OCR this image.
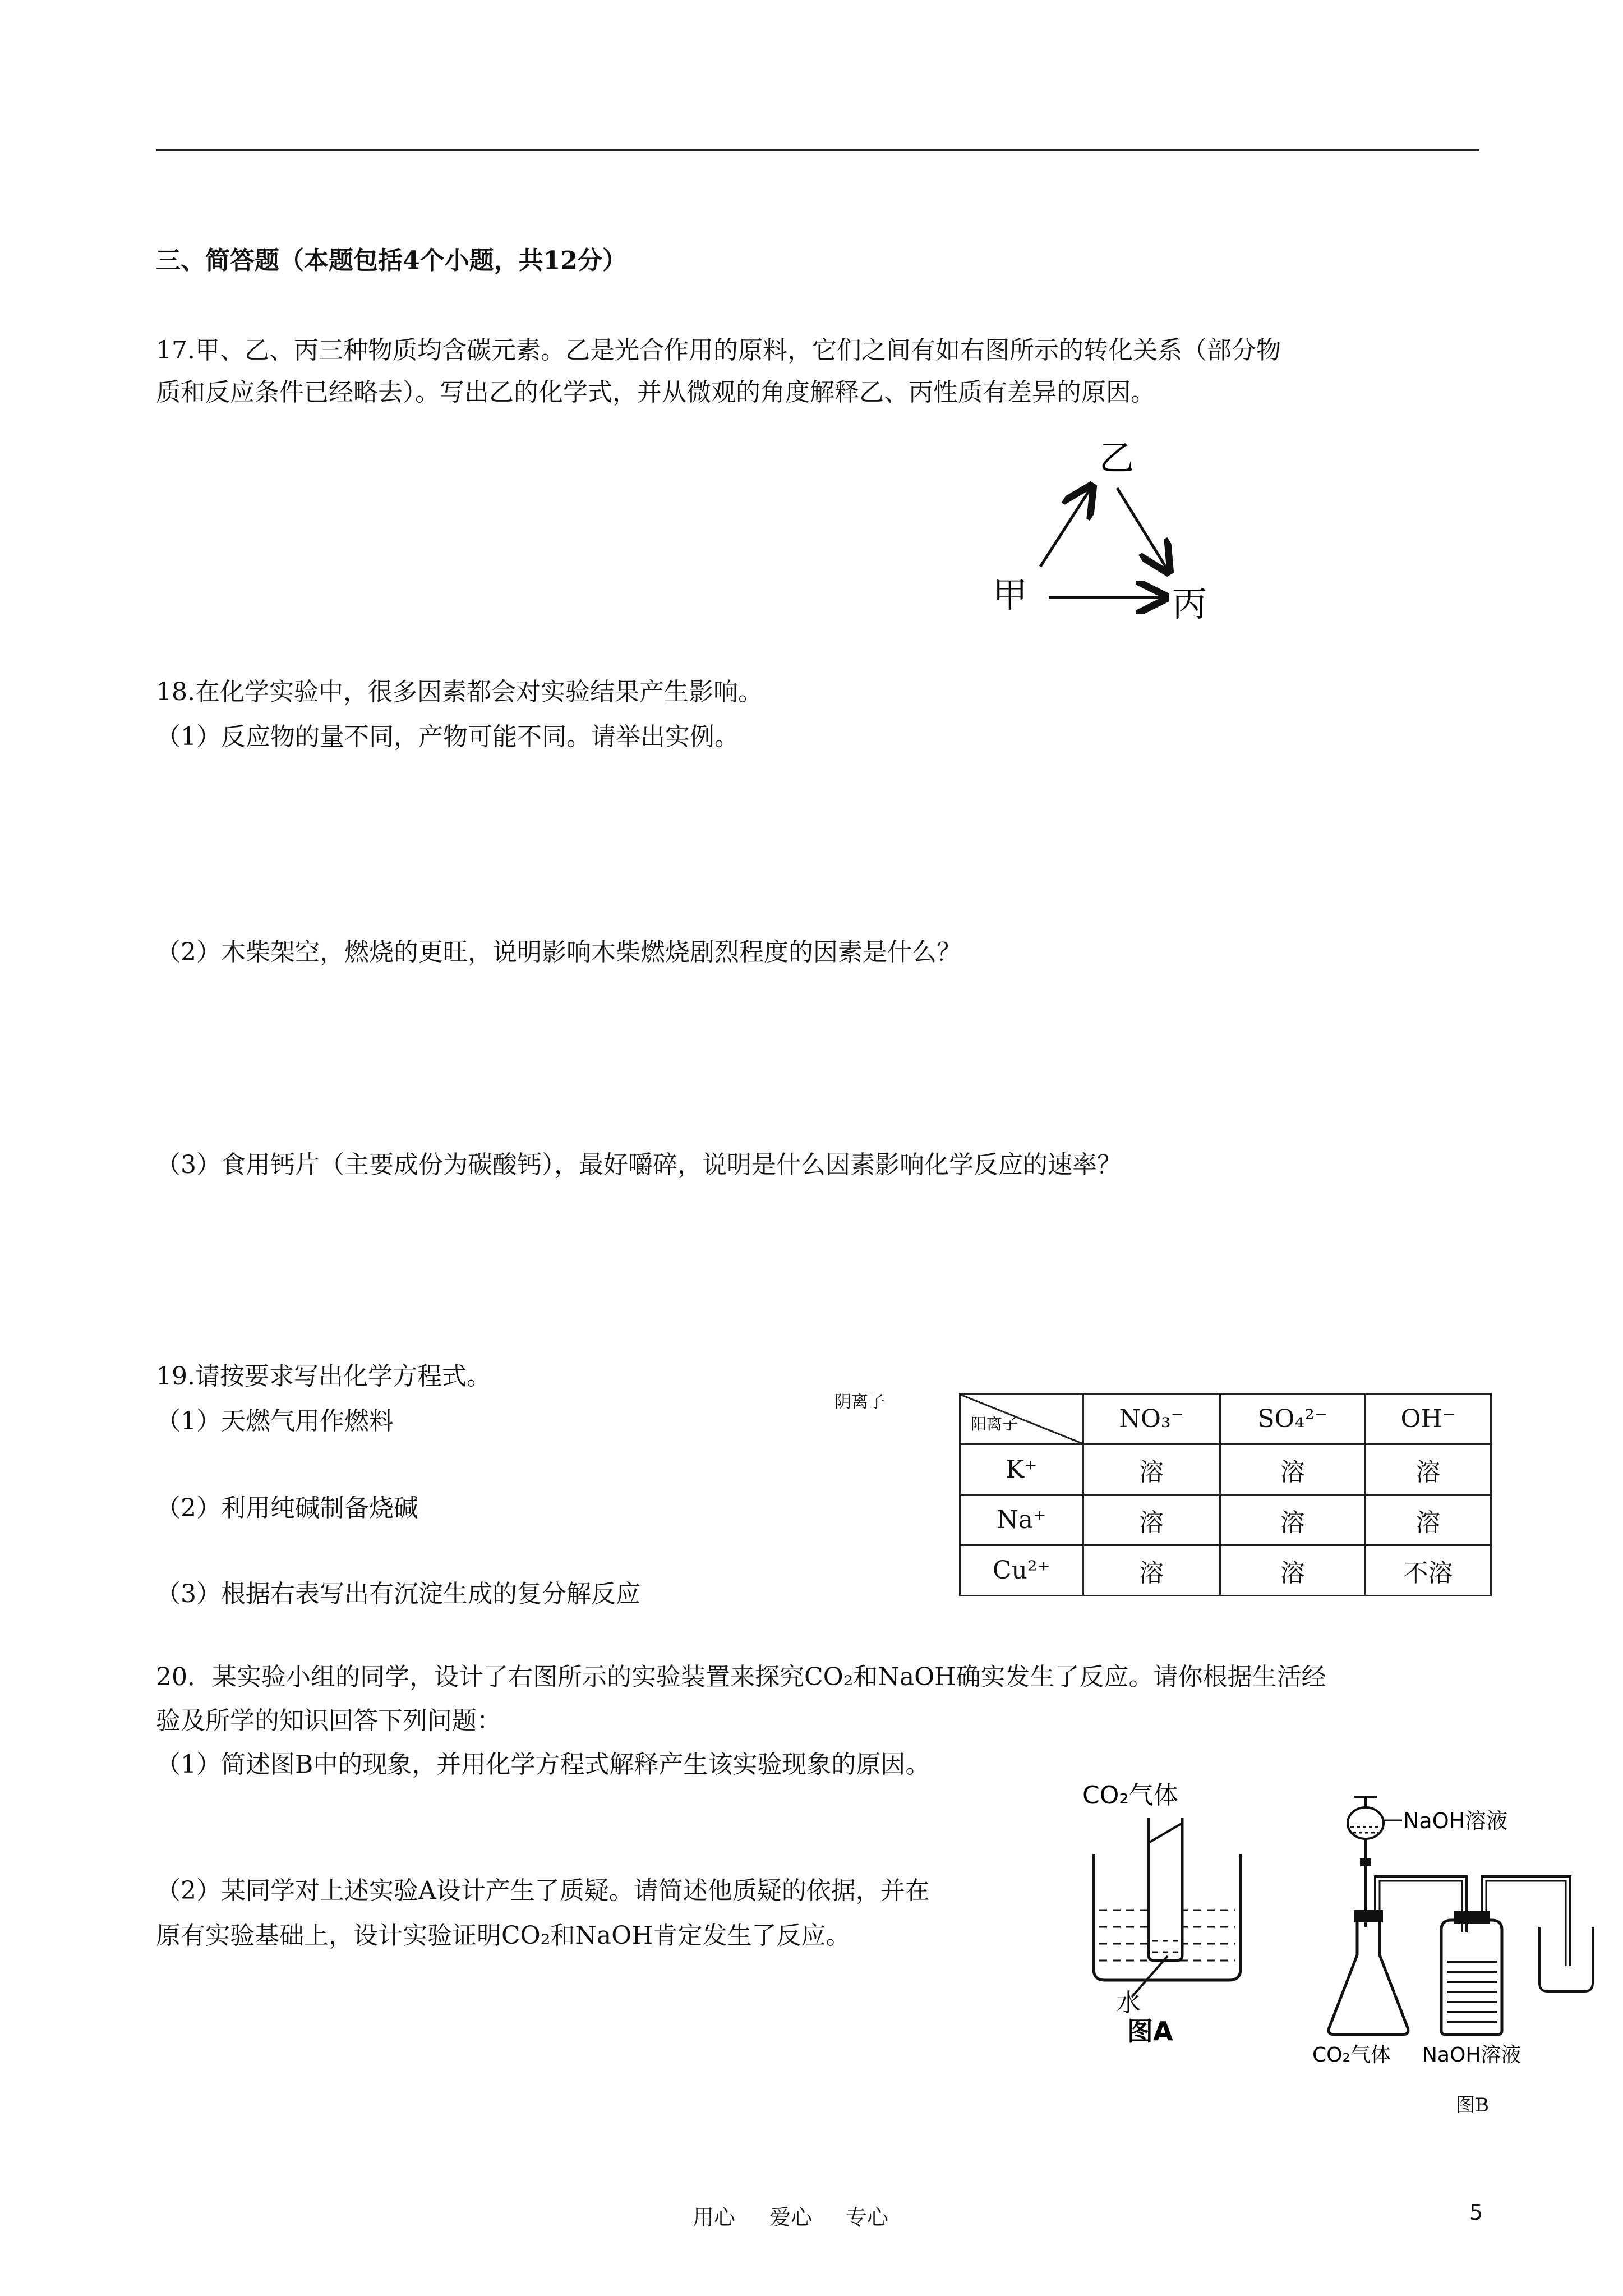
三、简答题（本题包括4个小题，共12分）
17.甲、乙、丙三种物质均含碳元素。乙是光合作用的原料，它们之间有如右图所示的转化关系（部分物
质和反应条件已经略去）。写出乙的化学式，并从微观的角度解释乙、丙性质有差异的原因。
乙
甲	丙
18.在化学实验中，很多因素都会对实验结果产生影响。
（1）反应物的量不同，产物可能不同。请举出实例。
（2）木柴架空，燃烧的更旺，说明影响木柴燃烧剧烈程度的因素是什么？
（3）食用钙片（主要成份为碳酸钙），最好嚼碎，说明是什么因素影响化学反应的速率？
19.请按要求写出化学方程式。
（1）天燃气用作燃料
（2）利用纯碱制备烧碱
（3）根据右表写出有沉淀生成的复分解反应
阴离子
阳离子	NO₃⁻	SO₄²⁻	OH⁻
K⁺	溶	溶	溶
Na⁺	溶	溶	溶
Cu²⁺	溶	溶	不溶
20．某实验小组的同学，设计了右图所示的实验装置来探究CO₂和NaOH确实发生了反应。请你根据生活经
验及所学的知识回答下列问题：
（1）简述图B中的现象，并用化学方程式解释产生该实验现象的原因。
（2）某同学对上述实验A设计产生了质疑。请简述他质疑的依据，并在
原有实验基础上，设计实验证明CO₂和NaOH肯定发生了反应。
CO₂气体
水
图A
NaOH溶液
CO₂气体 NaOH溶液
图B
用心 爱心 专心	5
